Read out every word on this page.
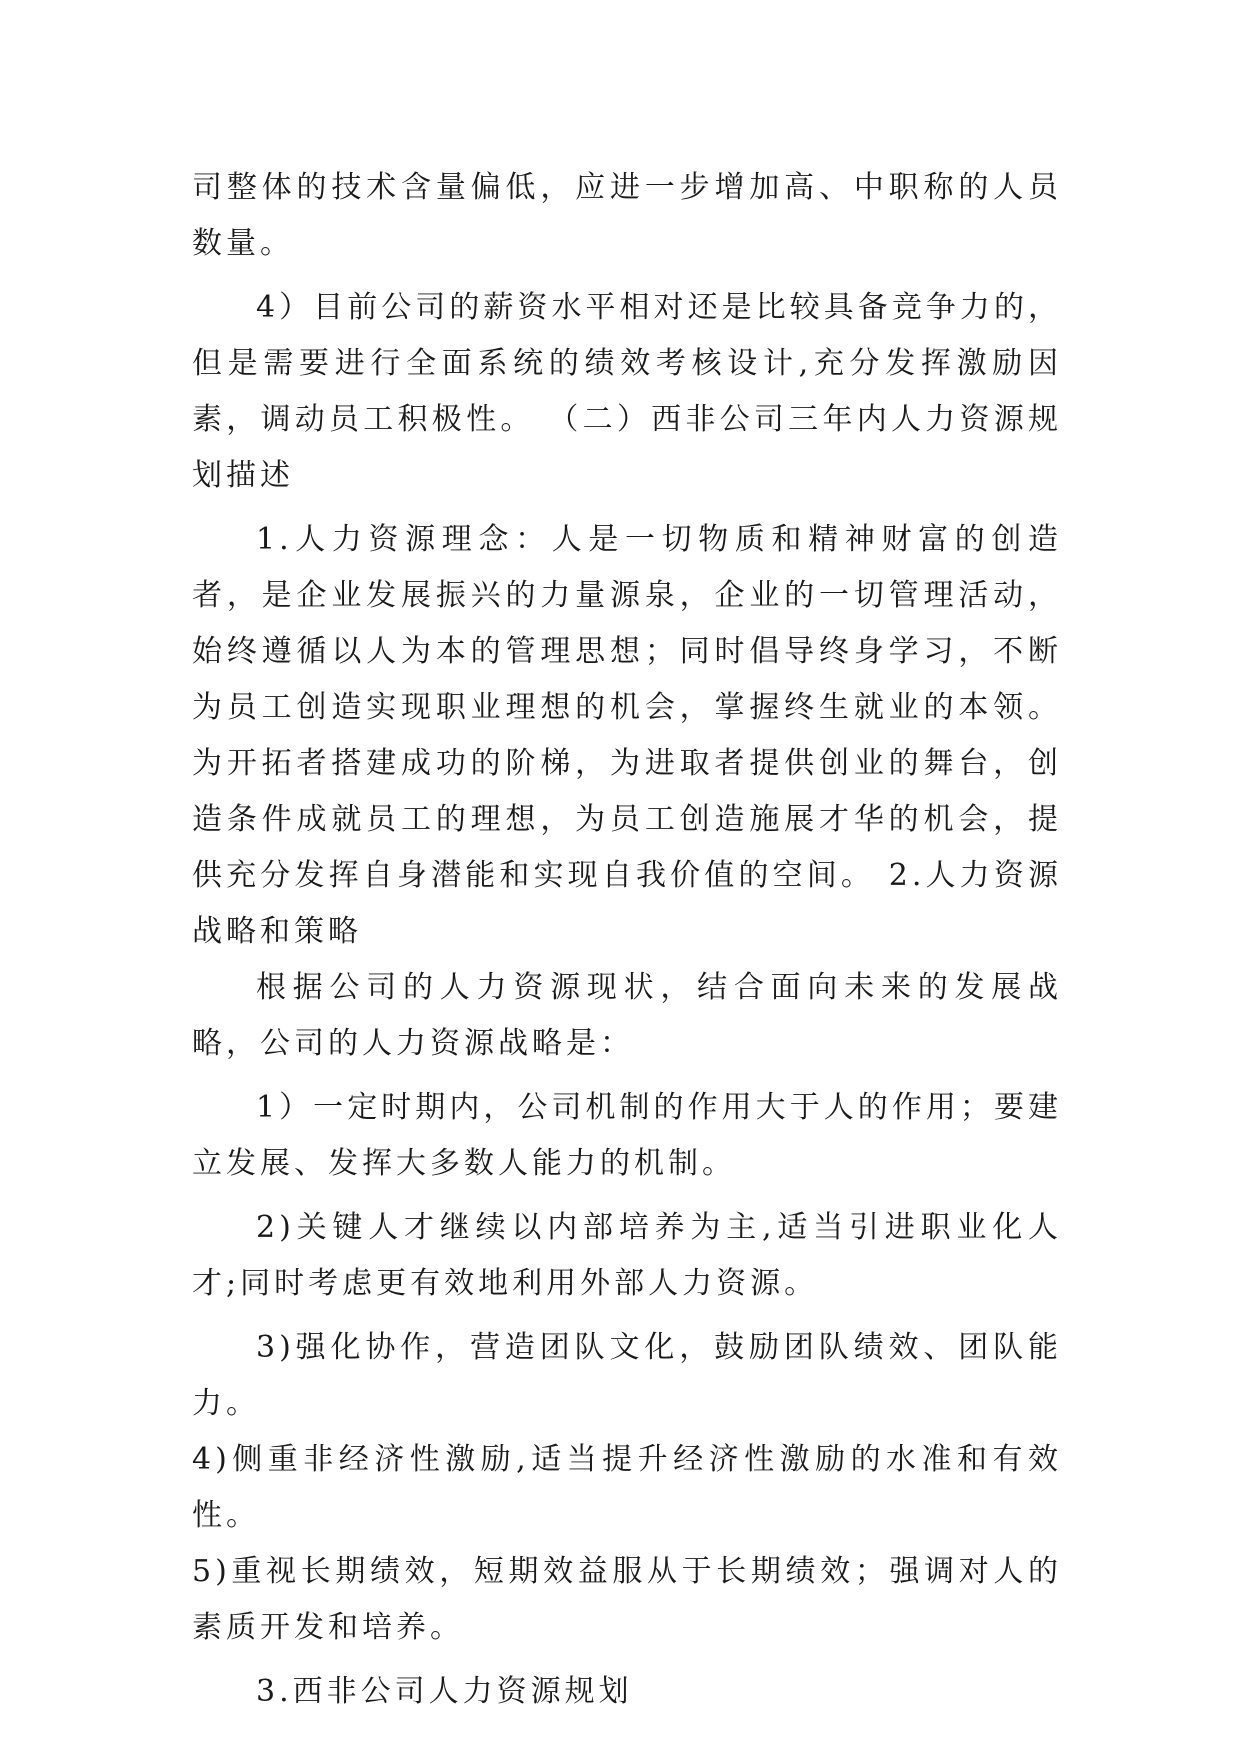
司整体的技术含量偏低，应进一步增加高、中职称的人员数量。

4）目前公司的薪资水平相对还是比较具备竞争力的，但是需要进行全面系统的绩效考核设计,充分发挥激励因素，调动员工积极性。 （二）西非公司三年内人力资源规划描述

1.人力资源理念：人是一切物质和精神财富的创造者，是企业发展振兴的力量源泉，企业的一切管理活动，始终遵循以人为本的管理思想；同时倡导终身学习，不断为员工创造实现职业理想的机会，掌握终生就业的本领。为开拓者搭建成功的阶梯，为进取者提供创业的舞台，创造条件成就员工的理想，为员工创造施展才华的机会，提供充分发挥自身潜能和实现自我价值的空间。 2.人力资源战略和策略

根据公司的人力资源现状，结合面向未来的发展战略，公司的人力资源战略是：

1）一定时期内，公司机制的作用大于人的作用；要建立发展、发挥大多数人能力的机制。

2)关键人才继续以内部培养为主,适当引进职业化人才;同时考虑更有效地利用外部人力资源。

3)强化协作，营造团队文化，鼓励团队绩效、团队能力。

4)侧重非经济性激励,适当提升经济性激励的水准和有效性。

5)重视长期绩效，短期效益服从于长期绩效；强调对人的素质开发和培养。

3.西非公司人力资源规划
